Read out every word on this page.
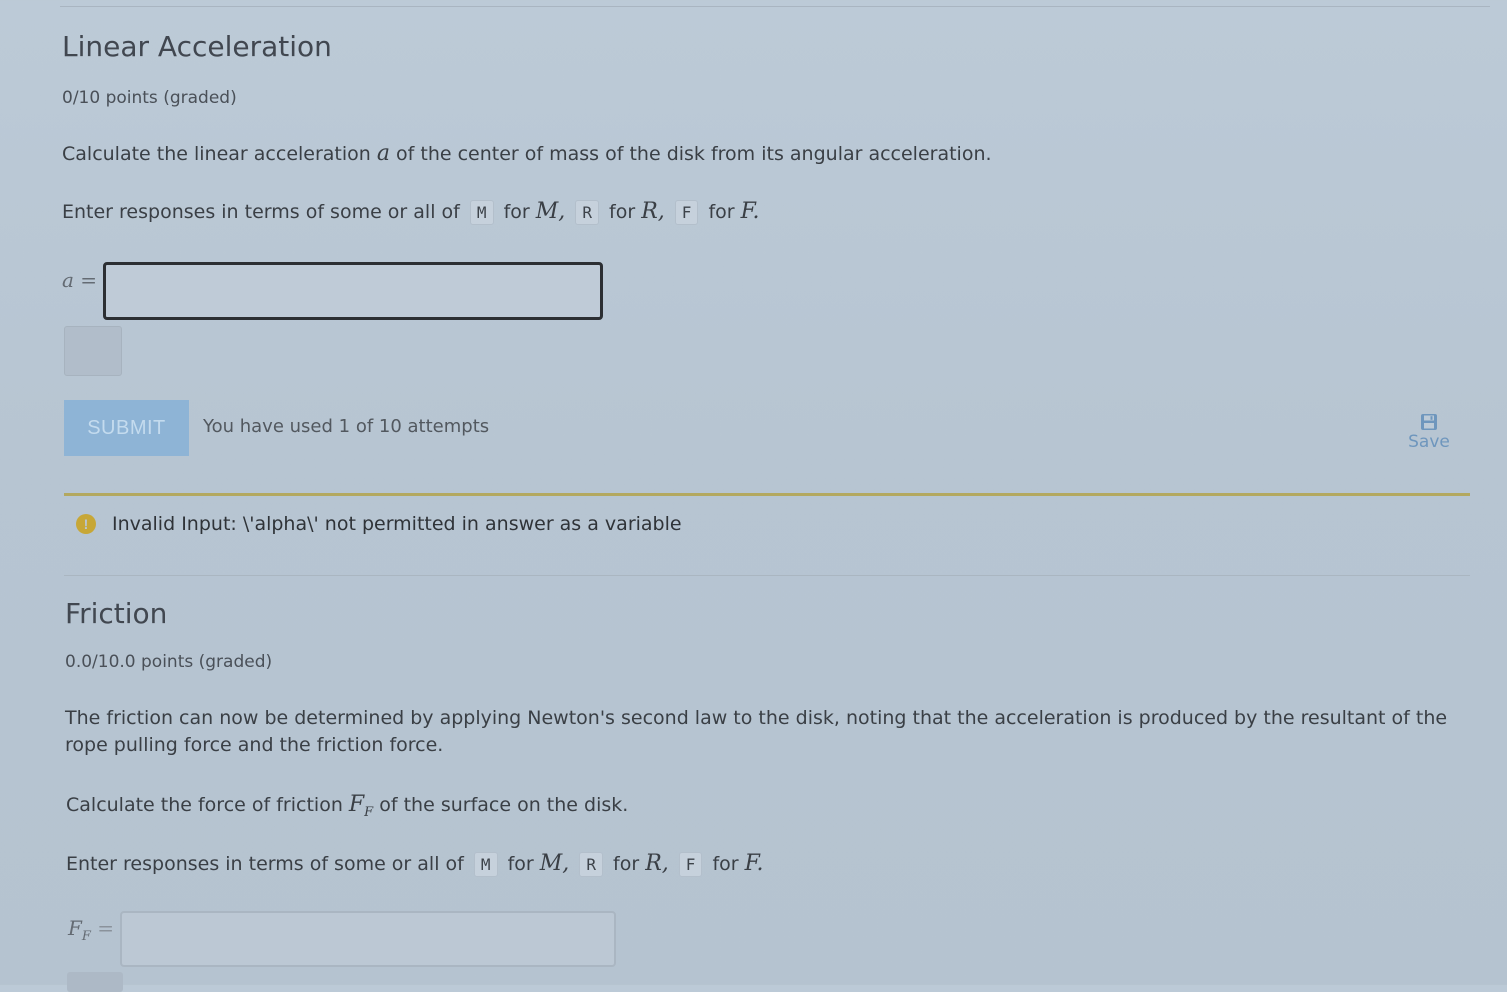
Linear Acceleration
0/10 points (graded)
Calculate the linear acceleration a of the center of mass of the disk from its angular acceleration.
Enter responses in terms of some or all of M for M, R for R, F for F.
a =
SUBMIT	You have used 1 of 10 attempts
Save
!	Invalid Input: \'alpha\' not permitted in answer as a variable
Friction
0.0/10.0 points (graded)
The friction can now be determined by applying Newton's second law to the disk, noting that the acceleration is produced by the resultant of the rope pulling force and the friction force.
Calculate the force of friction $F_F$ of the surface on the disk.
Enter responses in terms of some or all of M for M, R for R, F for F.
$F_F$ =
